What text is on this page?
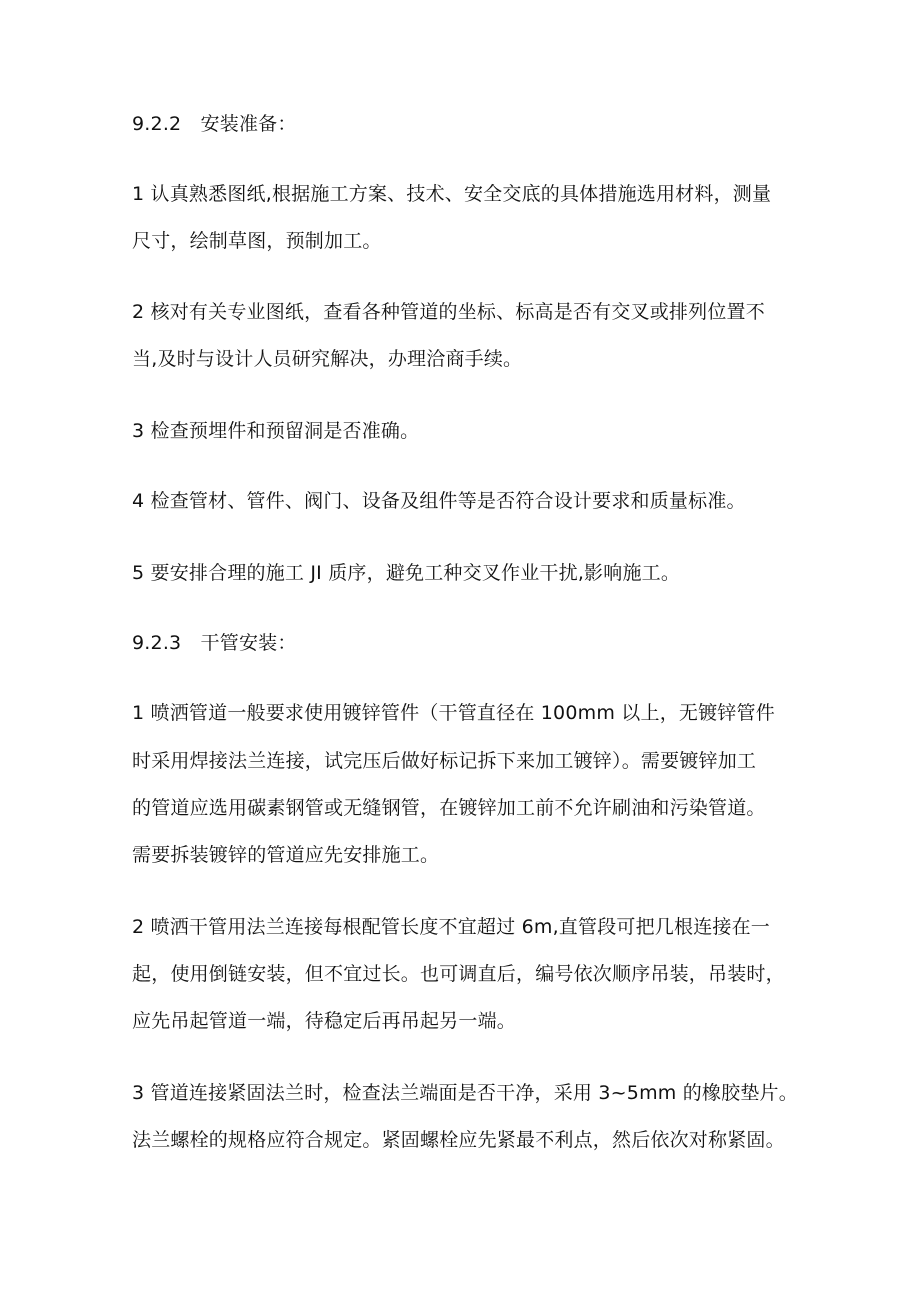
9.2.2　安装准备：
1 认真熟悉图纸,根据施工方案、技术、安全交底的具体措施选用材料，测量
尺寸，绘制草图，预制加工。
2 核对有关专业图纸，查看各种管道的坐标、标高是否有交叉或排列位置不
当,及时与设计人员研究解决，办理洽商手续。
3 检查预埋件和预留洞是否准确。
4 检查管材、管件、阀门、设备及组件等是否符合设计要求和质量标准。
5 要安排合理的施工 JI 质序，避免工种交叉作业干扰,影响施工。
9.2.3　干管安装：
1 喷洒管道一般要求使用镀锌管件（干管直径在 100mm 以上，无镀锌管件
时采用焊接法兰连接，试完压后做好标记拆下来加工镀锌）。需要镀锌加工
的管道应选用碳素钢管或无缝钢管，在镀锌加工前不允许刷油和污染管道。
需要拆装镀锌的管道应先安排施工。
2 喷洒干管用法兰连接每根配管长度不宜超过 6m,直管段可把几根连接在一
起，使用倒链安装，但不宜过长。也可调直后，编号依次顺序吊装，吊装时，
应先吊起管道一端，待稳定后再吊起另一端。
3 管道连接紧固法兰时，检查法兰端面是否干净，采用 3~5mm 的橡胶垫片。
法兰螺栓的规格应符合规定。紧固螺栓应先紧最不利点，然后依次对称紧固。
